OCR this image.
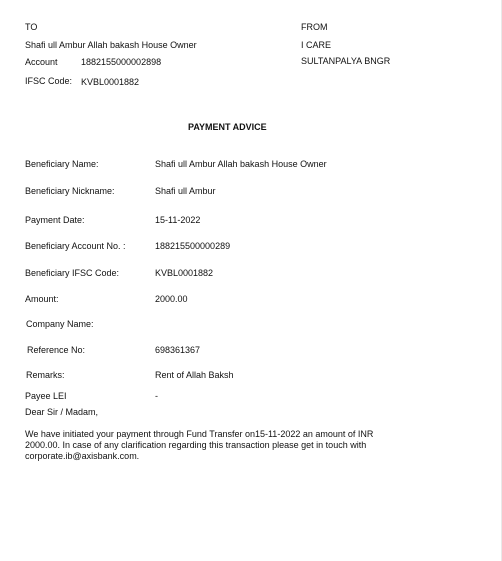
TO
Shafi ull Ambur Allah bakash House Owner
Account	1882155000002898
IFSC Code: KVBL0001882
FROM
I CARE
SULTANPALYA BNGR
PAYMENT ADVICE
Beneficiary Name:	Shafi ull Ambur Allah bakash House Owner
Beneficiary Nickname:	Shafi ull Ambur
Payment Date:	15-11-2022
Beneficiary Account No. :	188215500000289
Beneficiary IFSC Code:	KVBL0001882
Amount:	2000.00
Company Name:
Reference No:	698361367
Remarks:	Rent of Allah Baksh
Payee LEI	-
Dear Sir / Madam,
We have initiated your payment through Fund Transfer on15-11-2022 an amount of INR 2000.00. In case of any clarification regarding this transaction please get in touch with corporate.ib@axisbank.com.
